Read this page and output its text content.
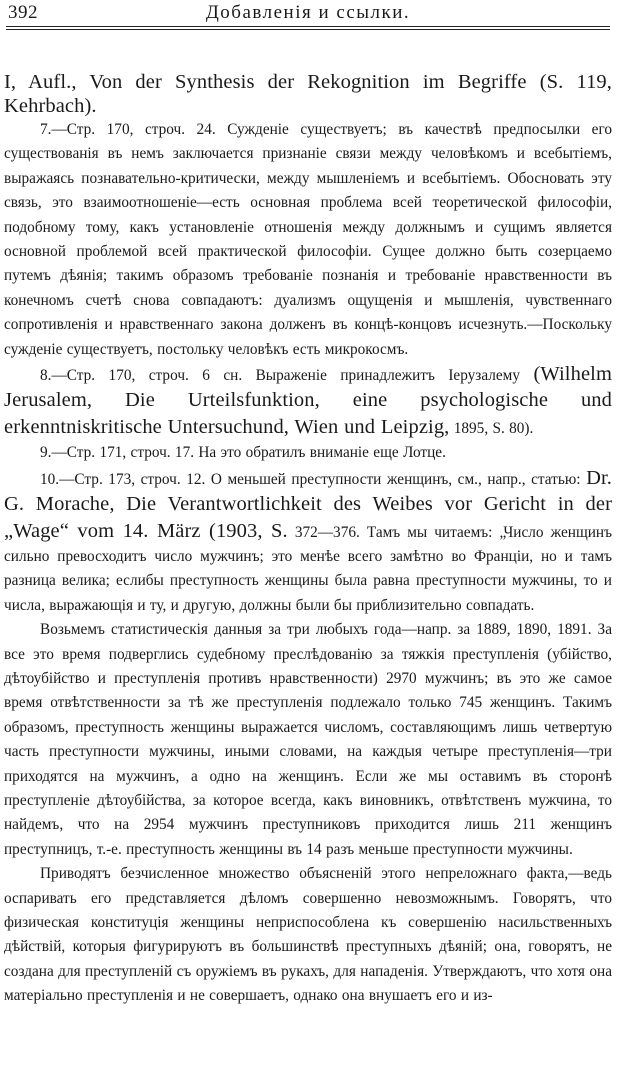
392	Добавленія и ссылки.

I, Aufl., Von der Synthesis der Rekognition im Begriffe (S. 119, Kehrbach).

7.—Стр. 170, строч. 24. Сужденіе существуетъ; въ качествѣ предпосылки его существованія въ немъ заключается признаніе связи между человѣкомъ и всебытіемъ, выражаясь познавательно-критически, между мышленіемъ и всебытіемъ. Обосновать эту связь, это взаимоотношеніе—есть основная проблема всей теоретической философіи, подобному тому, какъ установленіе отношенія между должнымъ и сущимъ является основной проблемой всей практической философіи. Сущее должно быть созерцаемо путемъ дѣянія; такимъ образомъ требованіе познанія и требованіе нравственности въ конечномъ счетѣ снова совпадаютъ: дуализмъ ощущенія и мышленія, чувственнаго сопротивленія и нравственнаго закона долженъ въ концѣ-концовъ исчезнуть.—Поскольку сужденіе существуетъ, постольку человѣкъ есть микрокосмъ.

8.—Стр. 170, строч. 6 сн. Выраженіе принадлежитъ Іерузалему (Wilhelm Jerusalem, Die Urteilsfunktion, eine psychologische und erkenntniskritische Untersuchund, Wien und Leipzig, 1895, S. 80).

9.—Стр. 171, строч. 17. На это обратилъ вниманіе еще Лотце.

10.—Стр. 173, строч. 12. О меньшей преступности женщинъ, см., напр., статью: Dr. G. Morache, Die Verantwortlichkeit des Weibes vor Gericht in der „Wage“ vom 14. März (1903, S. 372—376. Тамъ мы читаемъ: „Число женщинъ сильно превосходитъ число мужчинъ; это менѣе всего замѣтно во Франціи, но и тамъ разница велика; еслибы преступность женщины была равна преступности мужчины, то и числа, выражающія и ту, и другую, должны были бы приблизительно совпадать.

Возьмемъ статистическія данныя за три любыхъ года—напр. за 1889, 1890, 1891. За все это время подверглись судебному преслѣдованію за тяжкія преступленія (убійство, дѣтоубійство и преступленія противъ нравственности) 2970 мужчинъ; въ это же самое время отвѣтственности за тѣ же преступленія подлежало только 745 женщинъ. Такимъ образомъ, преступность женщины выражается числомъ, составляющимъ лишь четвертую часть преступности мужчины, иными словами, на каждыя четыре преступленія—три приходятся на мужчинъ, а одно на женщинъ. Если же мы оставимъ въ сторонѣ преступленіе дѣтоубійства, за которое всегда, какъ виновникъ, отвѣтственъ мужчина, то найдемъ, что на 2954 мужчинъ преступниковъ приходится лишь 211 женщинъ преступницъ, т.-е. преступность женщины въ 14 разъ меньше преступности мужчины.

Приводятъ безчисленное множество объясненій этого непреложнаго факта,—ведь оспаривать его представляется дѣломъ совершенно невозможнымъ. Говорятъ, что физическая конституція женщины неприспособлена къ совершенію насильственныхъ дѣйствій, которыя фигурируютъ въ большинствѣ преступныхъ дѣяній; она, говорятъ, не создана для преступленій съ оружіемъ въ рукахъ, для нападенія. Утверждаютъ, что хотя она матеріально преступленія и не совершаетъ, однако она внушаетъ его и из-
